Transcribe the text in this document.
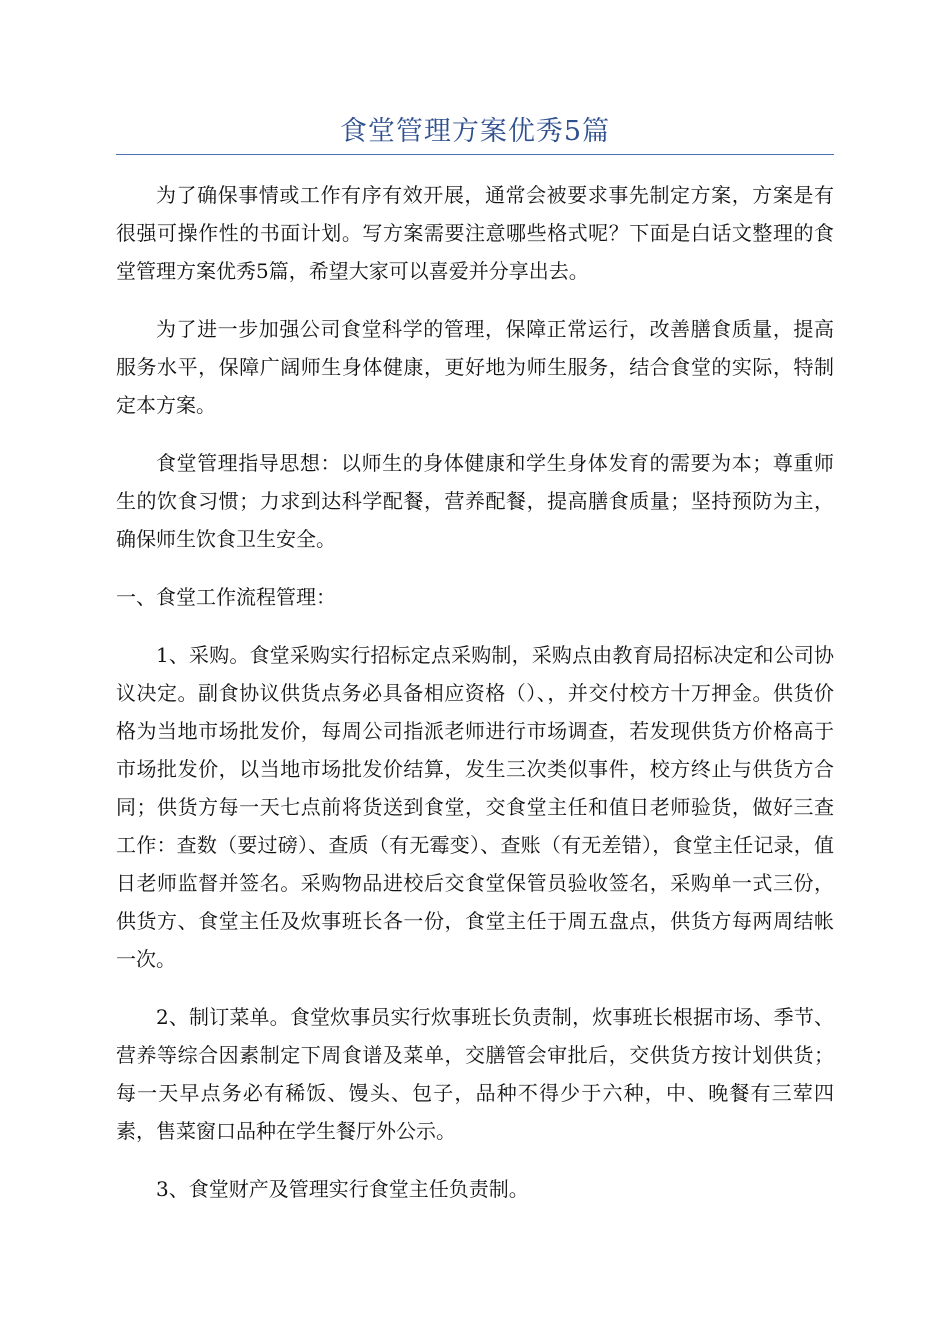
食堂管理方案优秀5篇

为了确保事情或工作有序有效开展，通常会被要求事先制定方案，方案是有很强可操作性的书面计划。写方案需要注意哪些格式呢？下面是白话文整理的食堂管理方案优秀5篇，希望大家可以喜爱并分享出去。

为了进一步加强公司食堂科学的管理，保障正常运行，改善膳食质量，提高服务水平，保障广阔师生身体健康，更好地为师生服务，结合食堂的实际，特制定本方案。

食堂管理指导思想：以师生的身体健康和学生身体发育的需要为本；尊重师生的饮食习惯；力求到达科学配餐，营养配餐，提高膳食质量；坚持预防为主，确保师生饮食卫生安全。

一、食堂工作流程管理：

1、采购。食堂采购实行招标定点采购制，采购点由教育局招标决定和公司协议决定。副食协议供货点务必具备相应资格（）、，并交付校方十万押金。供货价格为当地市场批发价，每周公司指派老师进行市场调查，若发现供货方价格高于市场批发价，以当地市场批发价结算，发生三次类似事件，校方终止与供货方合同；供货方每一天七点前将货送到食堂，交食堂主任和值日老师验货，做好三查工作：查数（要过磅）、查质（有无霉变）、查账（有无差错），食堂主任记录，值日老师监督并签名。采购物品进校后交食堂保管员验收签名，采购单一式三份，供货方、食堂主任及炊事班长各一份，食堂主任于周五盘点，供货方每两周结帐一次。

2、制订菜单。食堂炊事员实行炊事班长负责制，炊事班长根据市场、季节、营养等综合因素制定下周食谱及菜单，交膳管会审批后，交供货方按计划供货；每一天早点务必有稀饭、馒头、包子，品种不得少于六种，中、晚餐有三荤四素，售菜窗口品种在学生餐厅外公示。

3、食堂财产及管理实行食堂主任负责制。
